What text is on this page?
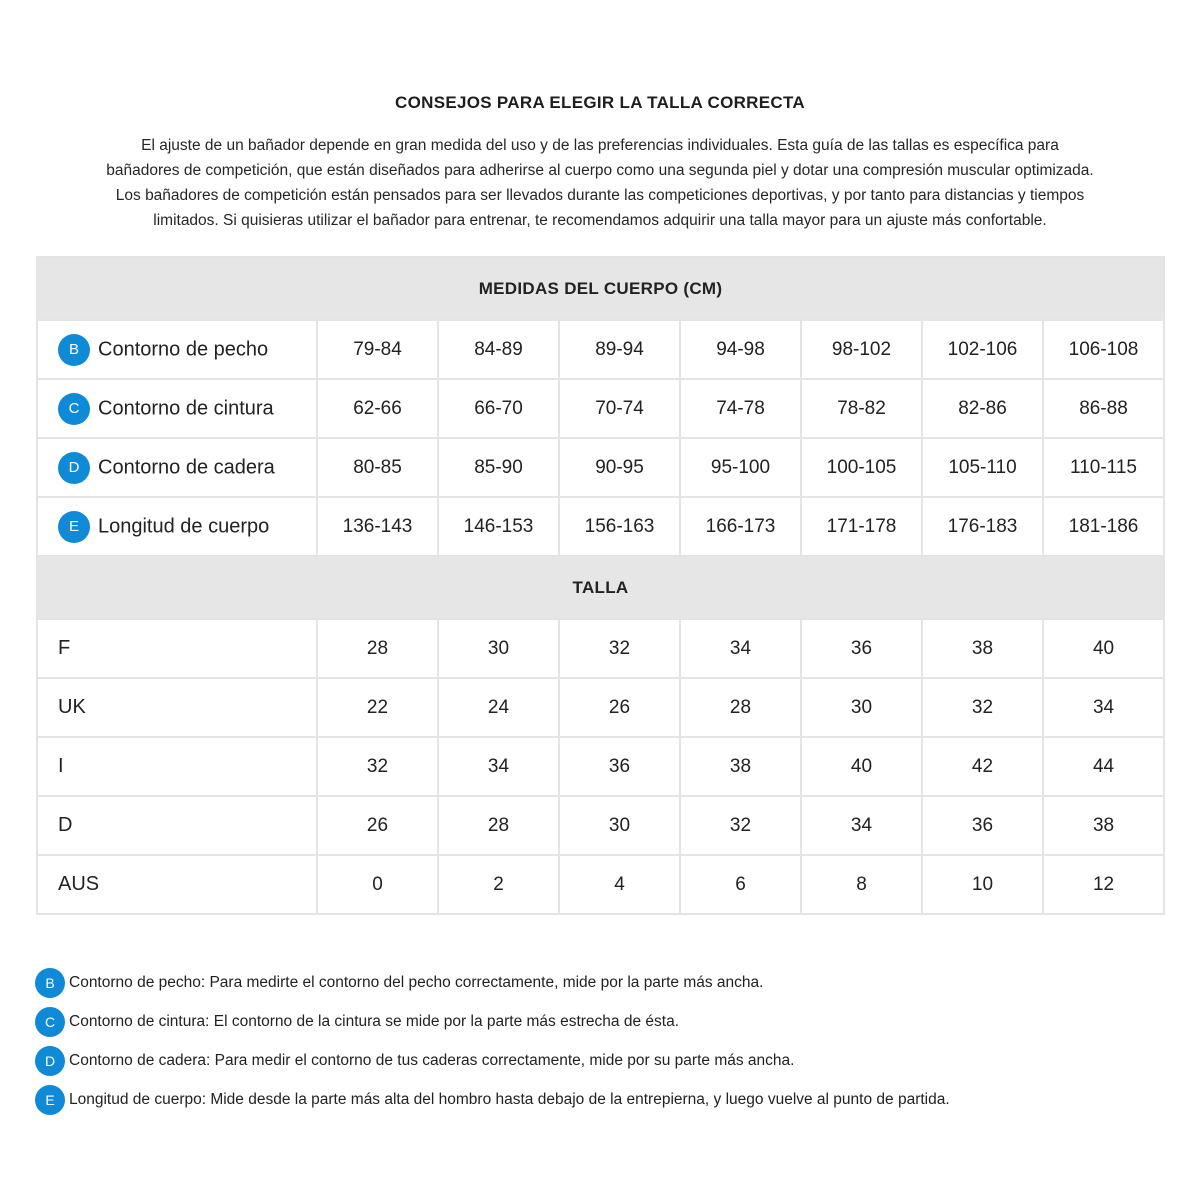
CONSEJOS PARA ELEGIR LA TALLA CORRECTA

El ajuste de un bañador depende en gran medida del uso y de las preferencias individuales. Esta guía de las tallas es específica para
bañadores de competición, que están diseñados para adherirse al cuerpo como una segunda piel y dotar una compresión muscular optimizada.
Los bañadores de competición están pensados para ser llevados durante las competiciones deportivas, y por tanto para distancias y tiempos
limitados. Si quisieras utilizar el bañador para entrenar, te recomendamos adquirir una talla mayor para un ajuste más confortable.

MEDIDAS DEL CUERPO (CM)							
B Contorno de pecho	79-84	84-89	89-94	94-98	98-102	102-106	106-108
C Contorno de cintura	62-66	66-70	70-74	74-78	78-82	82-86	86-88
D Contorno de cadera	80-85	85-90	90-95	95-100	100-105	105-110	110-115
E Longitud de cuerpo	136-143	146-153	156-163	166-173	171-178	176-183	181-186
TALLA							
F	28	30	32	34	36	38	40
UK	22	24	26	28	30	32	34
I	32	34	36	38	40	42	44
D	26	28	30	32	34	36	38
AUS	0	2	4	6	8	10	12
B Contorno de pecho: Para medirte el contorno del pecho correctamente, mide por la parte más ancha.
C Contorno de cintura: El contorno de la cintura se mide por la parte más estrecha de ésta.
D Contorno de cadera: Para medir el contorno de tus caderas correctamente, mide por su parte más ancha.
E Longitud de cuerpo: Mide desde la parte más alta del hombro hasta debajo de la entrepierna, y luego vuelve al punto de partida.
